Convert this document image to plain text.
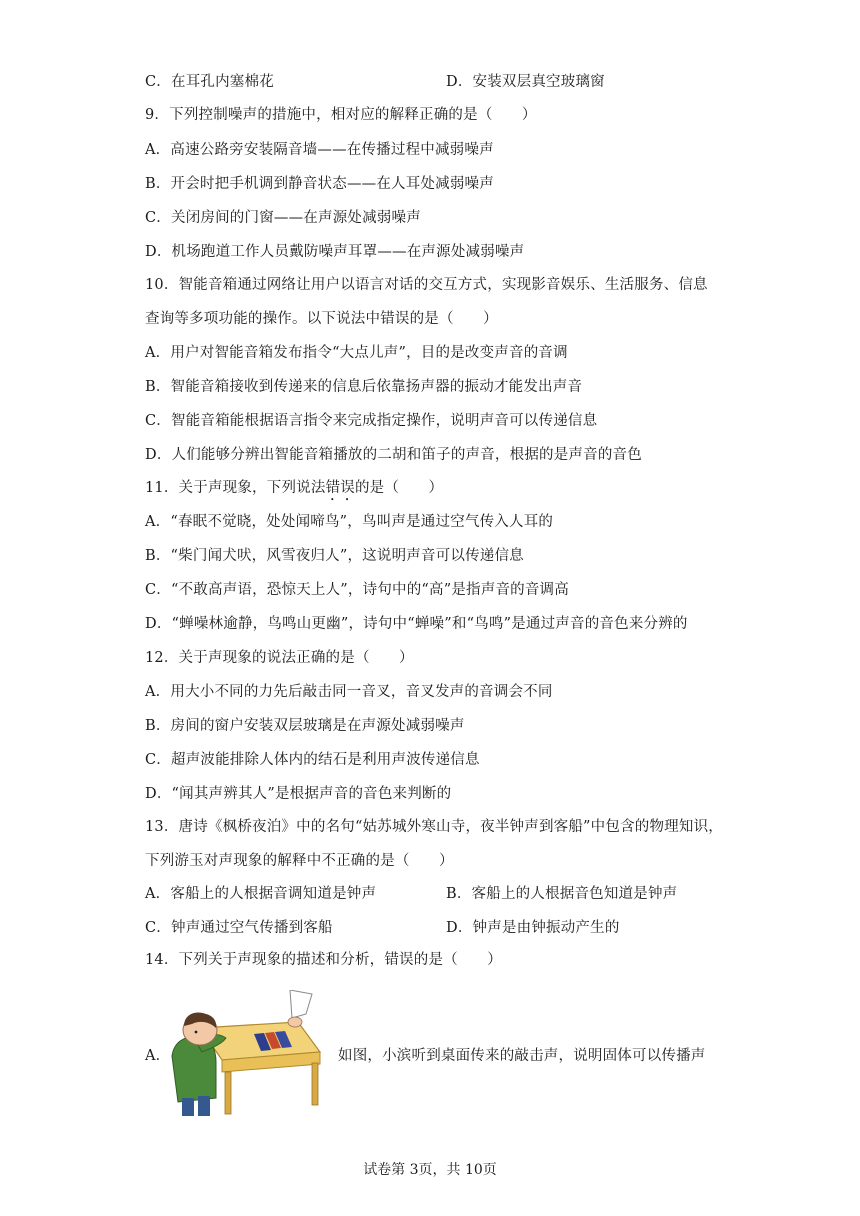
C．在耳孔内塞棉花	D．安装双层真空玻璃窗
9．下列控制噪声的措施中，相对应的解释正确的是（　　）
A．高速公路旁安装隔音墙——在传播过程中减弱噪声
B．开会时把手机调到静音状态——在人耳处减弱噪声
C．关闭房间的门窗——在声源处减弱噪声
D．机场跑道工作人员戴防噪声耳罩——在声源处减弱噪声
10．智能音箱通过网络让用户以语言对话的交互方式，实现影音娱乐、生活服务、信息
查询等多项功能的操作。以下说法中错误的是（　　）
A．用户对智能音箱发布指令“大点儿声”，目的是改变声音的音调
B．智能音箱接收到传递来的信息后依靠扬声器的振动才能发出声音
C．智能音箱能根据语言指令来完成指定操作，说明声音可以传递信息
D．人们能够分辨出智能音箱播放的二胡和笛子的声音，根据的是声音的音色
11．关于声现象，下列说法错误的是（　　）
A．“春眠不觉晓，处处闻啼鸟”，鸟叫声是通过空气传入人耳的
B．“柴门闻犬吠，风雪夜归人”，这说明声音可以传递信息
C．“不敢高声语，恐惊天上人”，诗句中的“高”是指声音的音调高
D．“蝉噪林逾静，鸟鸣山更幽”，诗句中“蝉噪”和“鸟鸣”是通过声音的音色来分辨的
12．关于声现象的说法正确的是（　　）
A．用大小不同的力先后敲击同一音叉，音叉发声的音调会不同
B．房间的窗户安装双层玻璃是在声源处减弱噪声
C．超声波能排除人体内的结石是利用声波传递信息
D．“闻其声辨其人”是根据声音的音色来判断的
13．唐诗《枫桥夜泊》中的名句“姑苏城外寒山寺，夜半钟声到客船”中包含的物理知识，
下列游玉对声现象的解释中不正确的是（　　）
A．客船上的人根据音调知道是钟声	B．客船上的人根据音色知道是钟声
C．钟声通过空气传播到客船	D．钟声是由钟振动产生的
14．下列关于声现象的描述和分析，错误的是（　　）
A．	如图，小滨听到桌面传来的敲击声，说明固体可以传播声
试卷第 3页，共 10页
